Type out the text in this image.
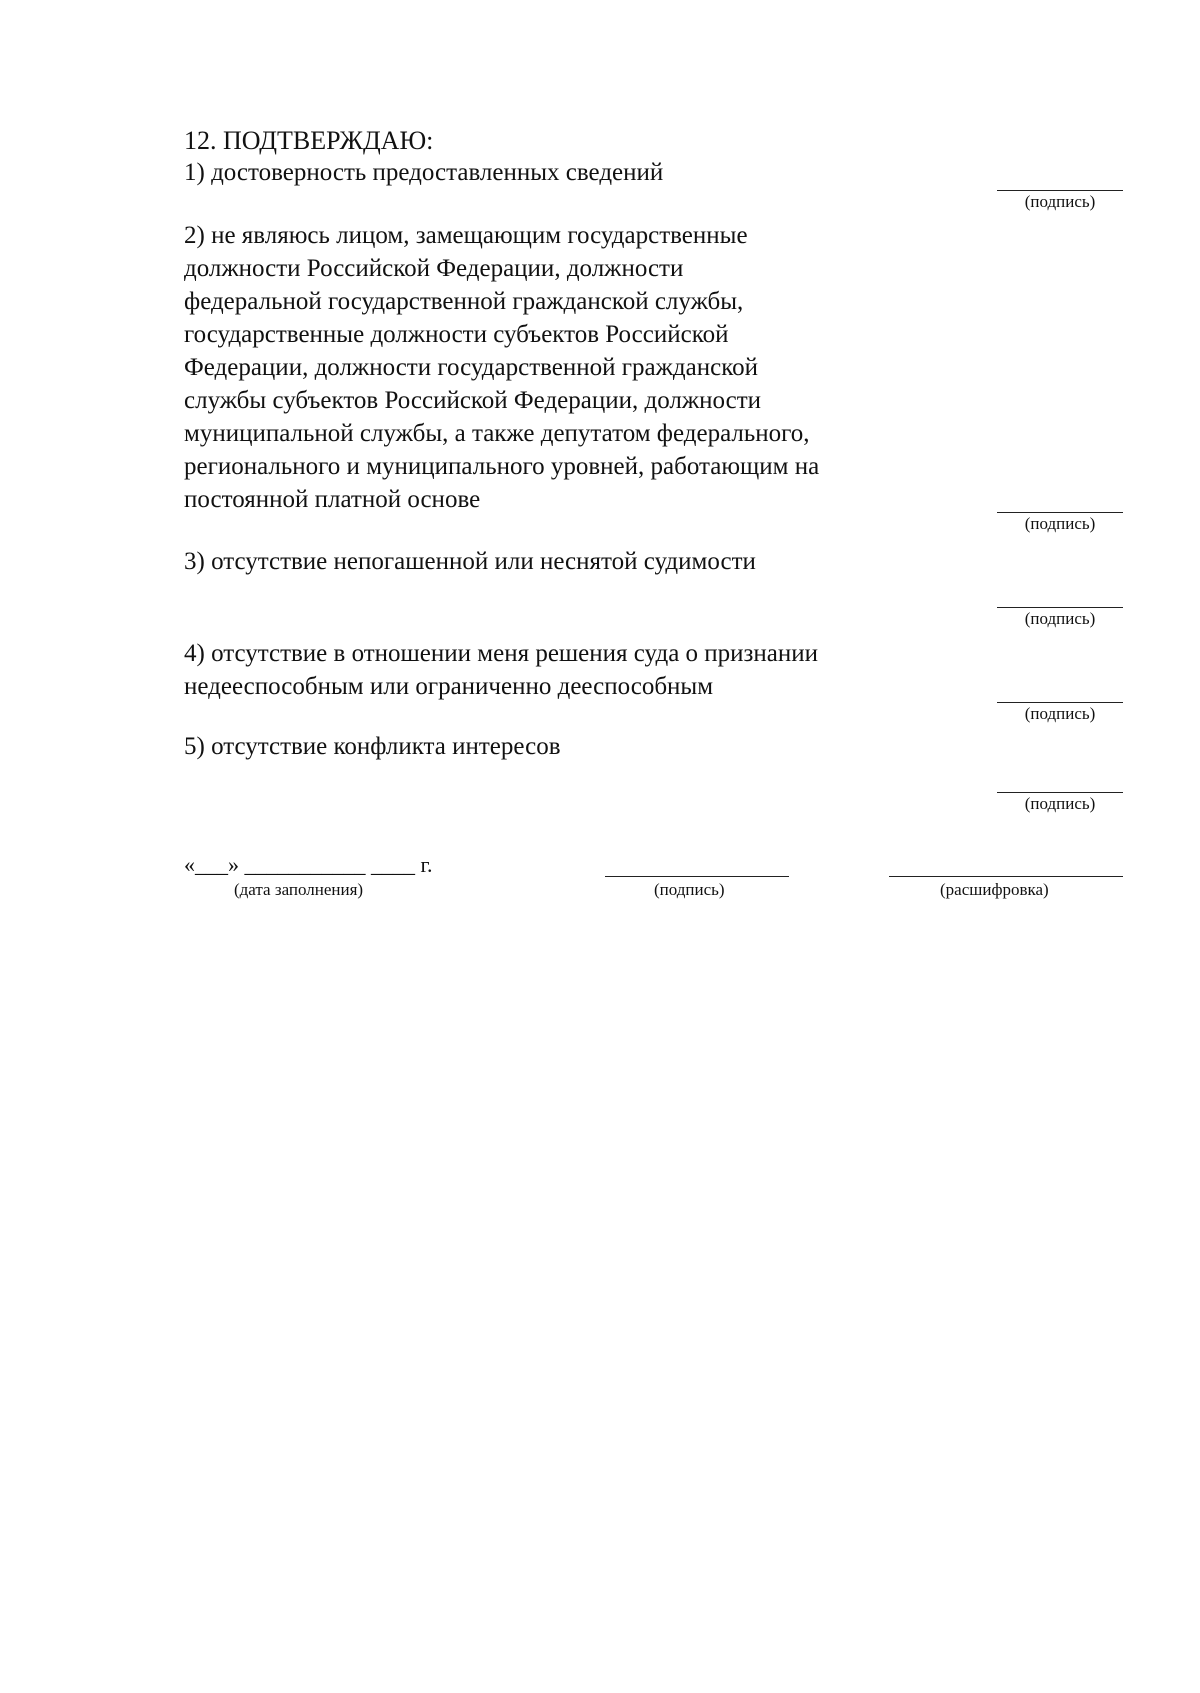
12. ПОДТВЕРЖДАЮ:
1) достоверность предоставленных сведений
(подпись)
2) не являюсь лицом, замещающим государственные
должности Российской Федерации, должности
федеральной государственной гражданской службы,
государственные должности субъектов Российской
Федерации, должности государственной гражданской
службы субъектов Российской Федерации, должности
муниципальной службы, а также депутатом федерального,
регионального и муниципального уровней, работающим на
постоянной платной основе
(подпись)
3) отсутствие непогашенной или неснятой судимости
(подпись)
4) отсутствие в отношении меня решения суда о признании
недееспособным или ограниченно дееспособным
(подпись)
5) отсутствие конфликта интересов
(подпись)
«___» ___________ ____ г.
(дата заполнения)	(подпись)	(расшифровка)
